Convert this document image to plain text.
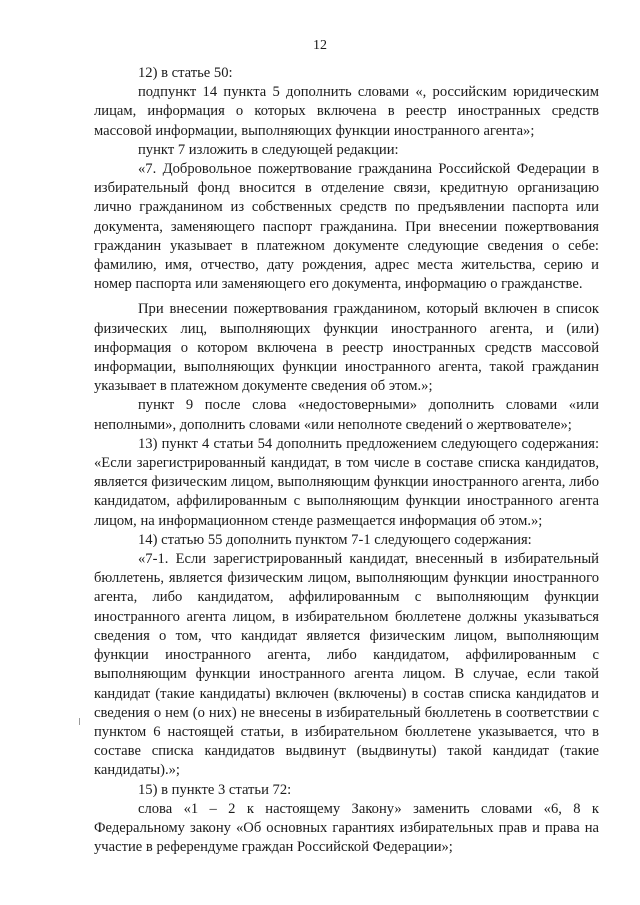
12

12) в статье 50:

подпункт 14 пункта 5 дополнить словами «, российским юридическим лицам, информация о которых включена в реестр иностранных средств массовой информации, выполняющих функции иностранного агента»;

пункт 7 изложить в следующей редакции:

«7. Добровольное пожертвование гражданина Российской Федерации в избирательный фонд вносится в отделение связи, кредитную организацию лично гражданином из собственных средств по предъявлении паспорта или документа, заменяющего паспорт гражданина. При внесении пожертвования гражданин указывает в платежном документе следующие сведения о себе: фамилию, имя, отчество, дату рождения, адрес места жительства, серию и номер паспорта или заменяющего его документа, информацию о гражданстве.

При внесении пожертвования гражданином, который включен в список физических лиц, выполняющих функции иностранного агента, и (или) информация о котором включена в реестр иностранных средств массовой информации, выполняющих функции иностранного агента, такой гражданин указывает в платежном документе сведения об этом.»;

пункт 9 после слова «недостоверными» дополнить словами «или неполными», дополнить словами «или неполноте сведений о жертвователе»;

13) пункт 4 статьи 54 дополнить предложением следующего содержания: «Если зарегистрированный кандидат, в том числе в составе списка кандидатов, является физическим лицом, выполняющим функции иностранного агента, либо кандидатом, аффилированным с выполняющим функции иностранного агента лицом, на информационном стенде размещается информация об этом.»;

14) статью 55 дополнить пунктом 7-1 следующего содержания:

«7-1. Если зарегистрированный кандидат, внесенный в избирательный бюллетень, является физическим лицом, выполняющим функции иностранного агента, либо кандидатом, аффилированным с выполняющим функции иностранного агента лицом, в избирательном бюллетене должны указываться сведения о том, что кандидат является физическим лицом, выполняющим функции иностранного агента, либо кандидатом, аффилированным с выполняющим функции иностранного агента лицом. В случае, если такой кандидат (такие кандидаты) включен (включены) в состав списка кандидатов и сведения о нем (о них) не внесены в избирательный бюллетень в соответствии с пунктом 6 настоящей статьи, в избирательном бюллетене указывается, что в составе списка кандидатов выдвинут (выдвинуты) такой кандидат (такие кандидаты).»;

15) в пункте 3 статьи 72:

слова «1 – 2 к настоящему Закону» заменить словами «6, 8 к Федеральному закону «Об основных гарантиях избирательных прав и права на участие в референдуме граждан Российской Федерации»;
